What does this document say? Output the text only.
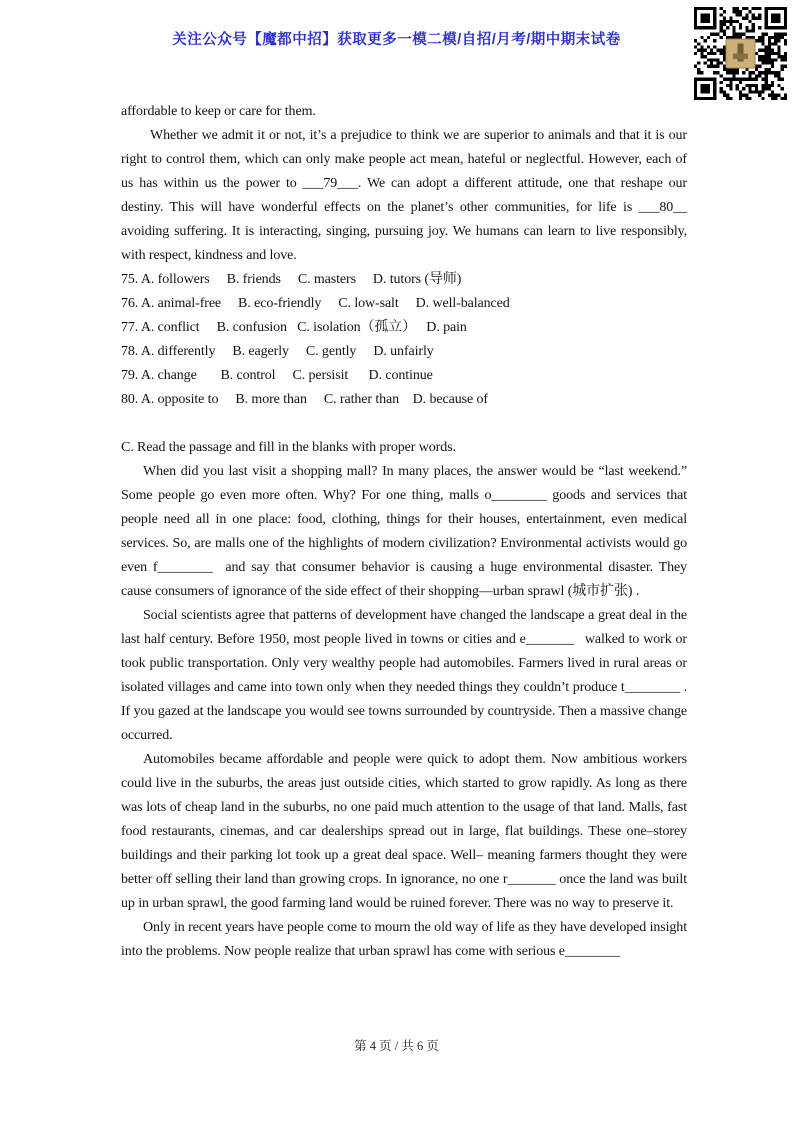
关注公众号【魔都中招】获取更多一模二模/自招/月考/期中期末试卷

affordable to keep or care for them.

Whether we admit it or not, it’s a prejudice to think we are superior to animals and that it is our right to control them, which can only make people act mean, hateful or neglectful. However, each of us has within us the power to ___79___. We can adopt a different attitude, one that reshape our destiny. This will have wonderful effects on the planet’s other communities, for life is ___80__ avoiding suffering. It is interacting, singing, pursuing joy. We humans can learn to live responsibly, with respect, kindness and love.

75. A. followers     B. friends     C. masters     D. tutors (导师)
76. A. animal-free     B. eco-friendly     C. low-salt     D. well-balanced
77. A. conflict     B. confusion   C. isolation（孤立）   D. pain
78. A. differently     B. eagerly     C. gently     D. unfairly
79. A. change       B. control     C. persisit      D. continue
80. A. opposite to     B. more than     C. rather than    D. because of

C. Read the passage and fill in the blanks with proper words.

When did you last visit a shopping mall? In many places, the answer would be “last weekend.” Some people go even more often. Why? For one thing, malls o________ goods and services that people need all in one place: food, clothing, things for their houses, entertainment, even medical services. So, are malls one of the highlights of modern civilization? Environmental activists would go even f________  and say that consumer behavior is causing a huge environmental disaster. They cause consumers of ignorance of the side effect of their shopping—urban sprawl (城市扩张) .

Social scientists agree that patterns of development have changed the landscape a great deal in the last half century. Before 1950, most people lived in towns or cities and e_______  walked to work or took public transportation. Only very wealthy people had automobiles. Farmers lived in rural areas or isolated villages and came into town only when they needed things they couldn’t produce t________ . If you gazed at the landscape you would see towns surrounded by countryside. Then a massive change occurred.

Automobiles became affordable and people were quick to adopt them. Now ambitious workers could live in the suburbs, the areas just outside cities, which started to grow rapidly. As long as there was lots of cheap land in the suburbs, no one paid much attention to the usage of that land. Malls, fast food restaurants, cinemas, and car dealerships spread out in large, flat buildings. These one–storey buildings and their parking lot took up a great deal space. Well– meaning farmers thought they were better off selling their land than growing crops. In ignorance, no one r_______ once the land was built up in urban sprawl, the good farming land would be ruined forever. There was no way to preserve it.

Only in recent years have people come to mourn the old way of life as they have developed insight into the problems. Now people realize that urban sprawl has come with serious e________

第 4 页 / 共 6 页
